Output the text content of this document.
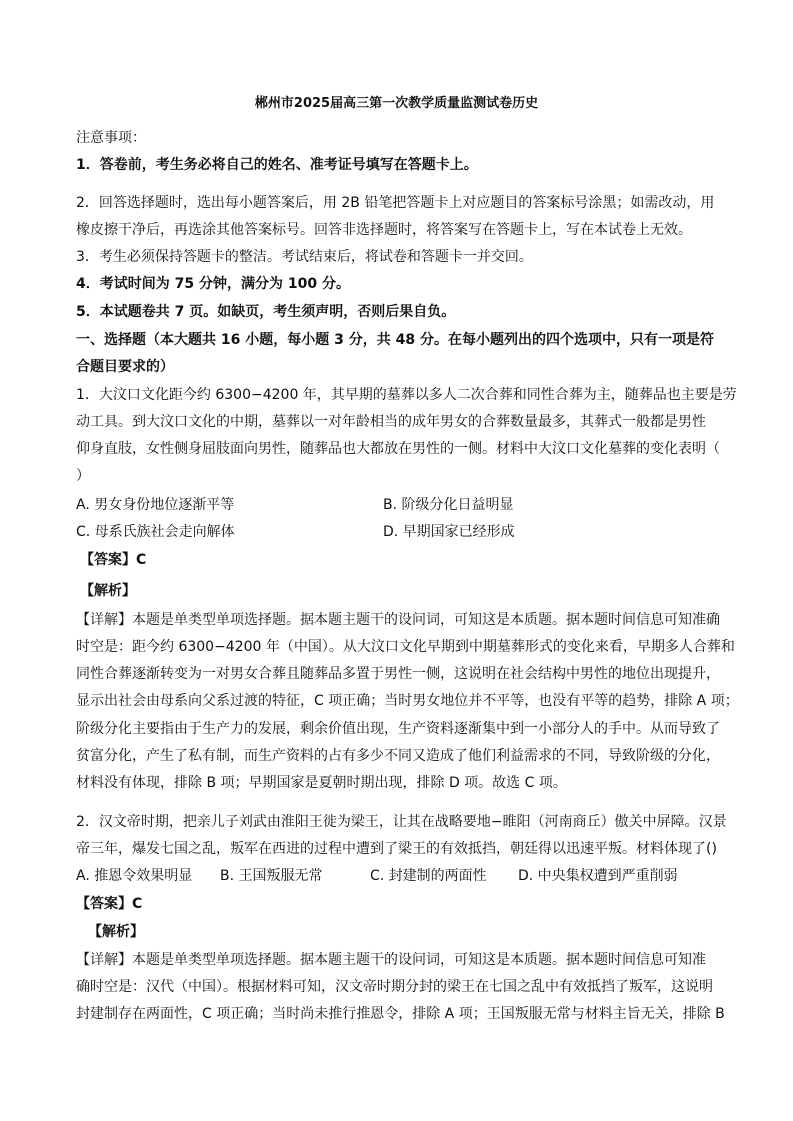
郴州市2025届高三第一次教学质量监测试卷历史
注意事项：
1．答卷前，考生务必将自己的姓名、准考证号填写在答题卡上。
2．回答选择题时，选出每小题答案后，用 2B 铅笔把答题卡上对应题目的答案标号涂黑；如需改动，用
橡皮擦干净后，再选涂其他答案标号。回答非选择题时，将答案写在答题卡上，写在本试卷上无效。
3．考生必须保持答题卡的整洁。考试结束后，将试卷和答题卡一并交回。
4．考试时间为 75 分钟，满分为 100 分。
5．本试题卷共 7 页。如缺页，考生须声明，否则后果自负。
一、选择题（本大题共 16 小题，每小题 3 分，共 48 分。在每小题列出的四个选项中，只有一项是符
合题目要求的）
1．大汶口文化距今约 6300−4200 年，其早期的墓葬以多人二次合葬和同性合葬为主，随葬品也主要是劳
动工具。到大汶口文化的中期，墓葬以一对年龄相当的成年男女的合葬数量最多，其葬式一般都是男性
仰身直肢，女性侧身屈肢面向男性，随葬品也大都放在男性的一侧。材料中大汶口文化墓葬的变化表明（
）
A. 男女身份地位逐渐平等	B. 阶级分化日益明显
C. 母系氏族社会走向解体	D. 早期国家已经形成
【答案】C
【解析】
【详解】本题是单类型单项选择题。据本题主题干的设问词，可知这是本质题。据本题时间信息可知准确
时空是：距今约 6300−4200 年（中国）。从大汶口文化早期到中期墓葬形式的变化来看，早期多人合葬和
同性合葬逐渐转变为一对男女合葬且随葬品多置于男性一侧，这说明在社会结构中男性的地位出现提升，
显示出社会由母系向父系过渡的特征，C 项正确；当时男女地位并不平等，也没有平等的趋势，排除 A 项；
阶级分化主要指由于生产力的发展，剩余价值出现，生产资料逐渐集中到一小部分人的手中。从而导致了
贫富分化，产生了私有制，而生产资料的占有多少不同又造成了他们利益需求的不同，导致阶级的分化，
材料没有体现，排除 B 项；早期国家是夏朝时期出现，排除 D 项。故选 C 项。
2．汉文帝时期，把亲儿子刘武由淮阳王徙为梁王，让其在战略要地−睢阳（河南商丘）傲关中屏障。汉景
帝三年，爆发七国之乱，叛军在西进的过程中遭到了梁王的有效抵挡，朝廷得以迅速平叛。材料体现了()
A. 推恩令效果明显 B. 王国叛服无常	C. 封建制的两面性 D. 中央集权遭到严重削弱
【答案】C
【解析】
【详解】本题是单类型单项选择题。据本题主题干的设问词，可知这是本质题。据本题时间信息可知准
确时空是：汉代（中国）。根据材料可知，汉文帝时期分封的梁王在七国之乱中有效抵挡了叛军，这说明
封建制存在两面性，C 项正确；当时尚未推行推恩令，排除 A 项；王国叛服无常与材料主旨无关，排除 B
